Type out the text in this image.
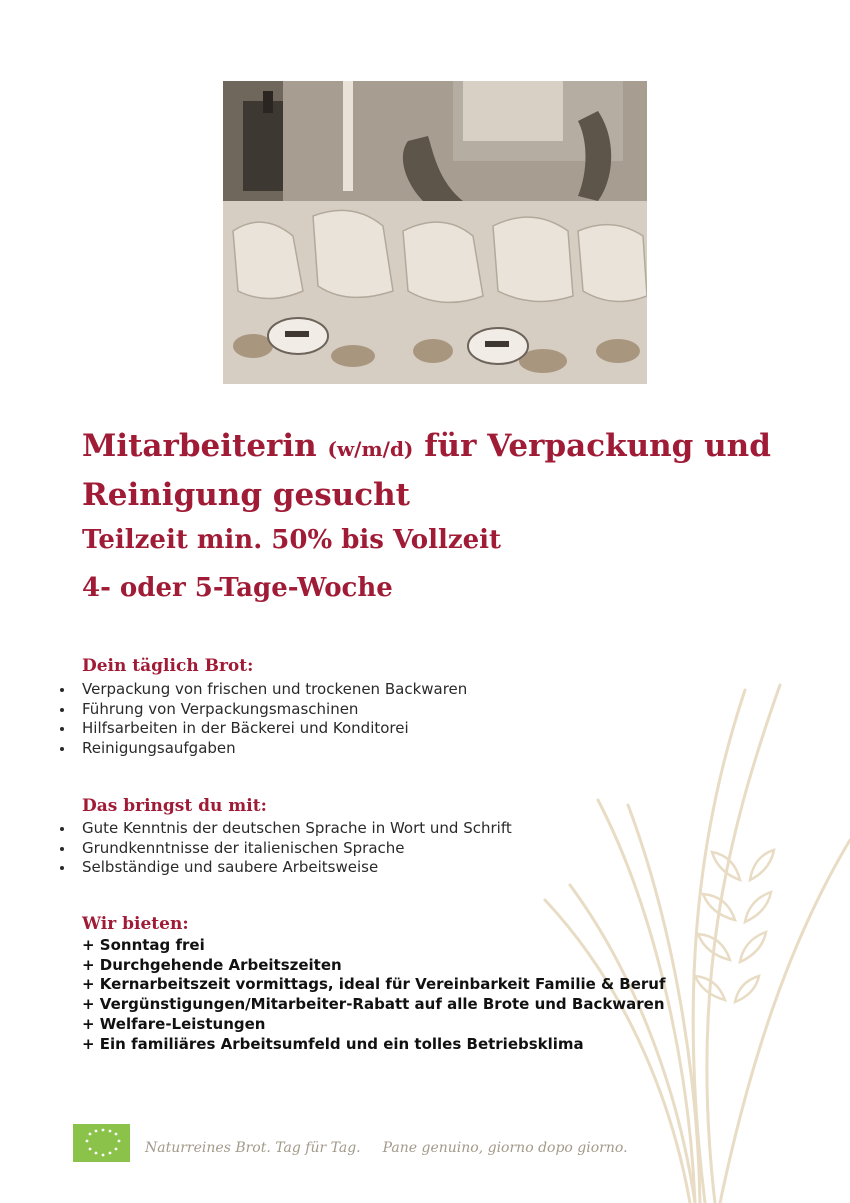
Mitarbeiterin (w/m/d) für Verpackung und Reinigung gesucht
Teilzeit min. 50% bis Vollzeit
4- oder 5-Tage-Woche
Dein täglich Brot:
Verpackung von frischen und trockenen Backwaren
Führung von Verpackungsmaschinen
Hilfsarbeiten in der Bäckerei und Konditorei
Reinigungsaufgaben
Das bringst du mit:
Gute Kenntnis der deutschen Sprache in Wort und Schrift
Grundkenntnisse der italienischen Sprache
Selbständige und saubere Arbeitsweise
Wir bieten:
+ Sonntag frei
+ Durchgehende Arbeitszeiten
+ Kernarbeitszeit vormittags, ideal für Vereinbarkeit Familie & Beruf
+ Vergünstigungen/Mitarbeiter-Rabatt auf alle Brote und Backwaren
+ Welfare-Leistungen
+ Ein familiäres Arbeitsumfeld und ein tolles Betriebsklima
Naturreines Brot. Tag für Tag. Pane genuino, giorno dopo giorno.
